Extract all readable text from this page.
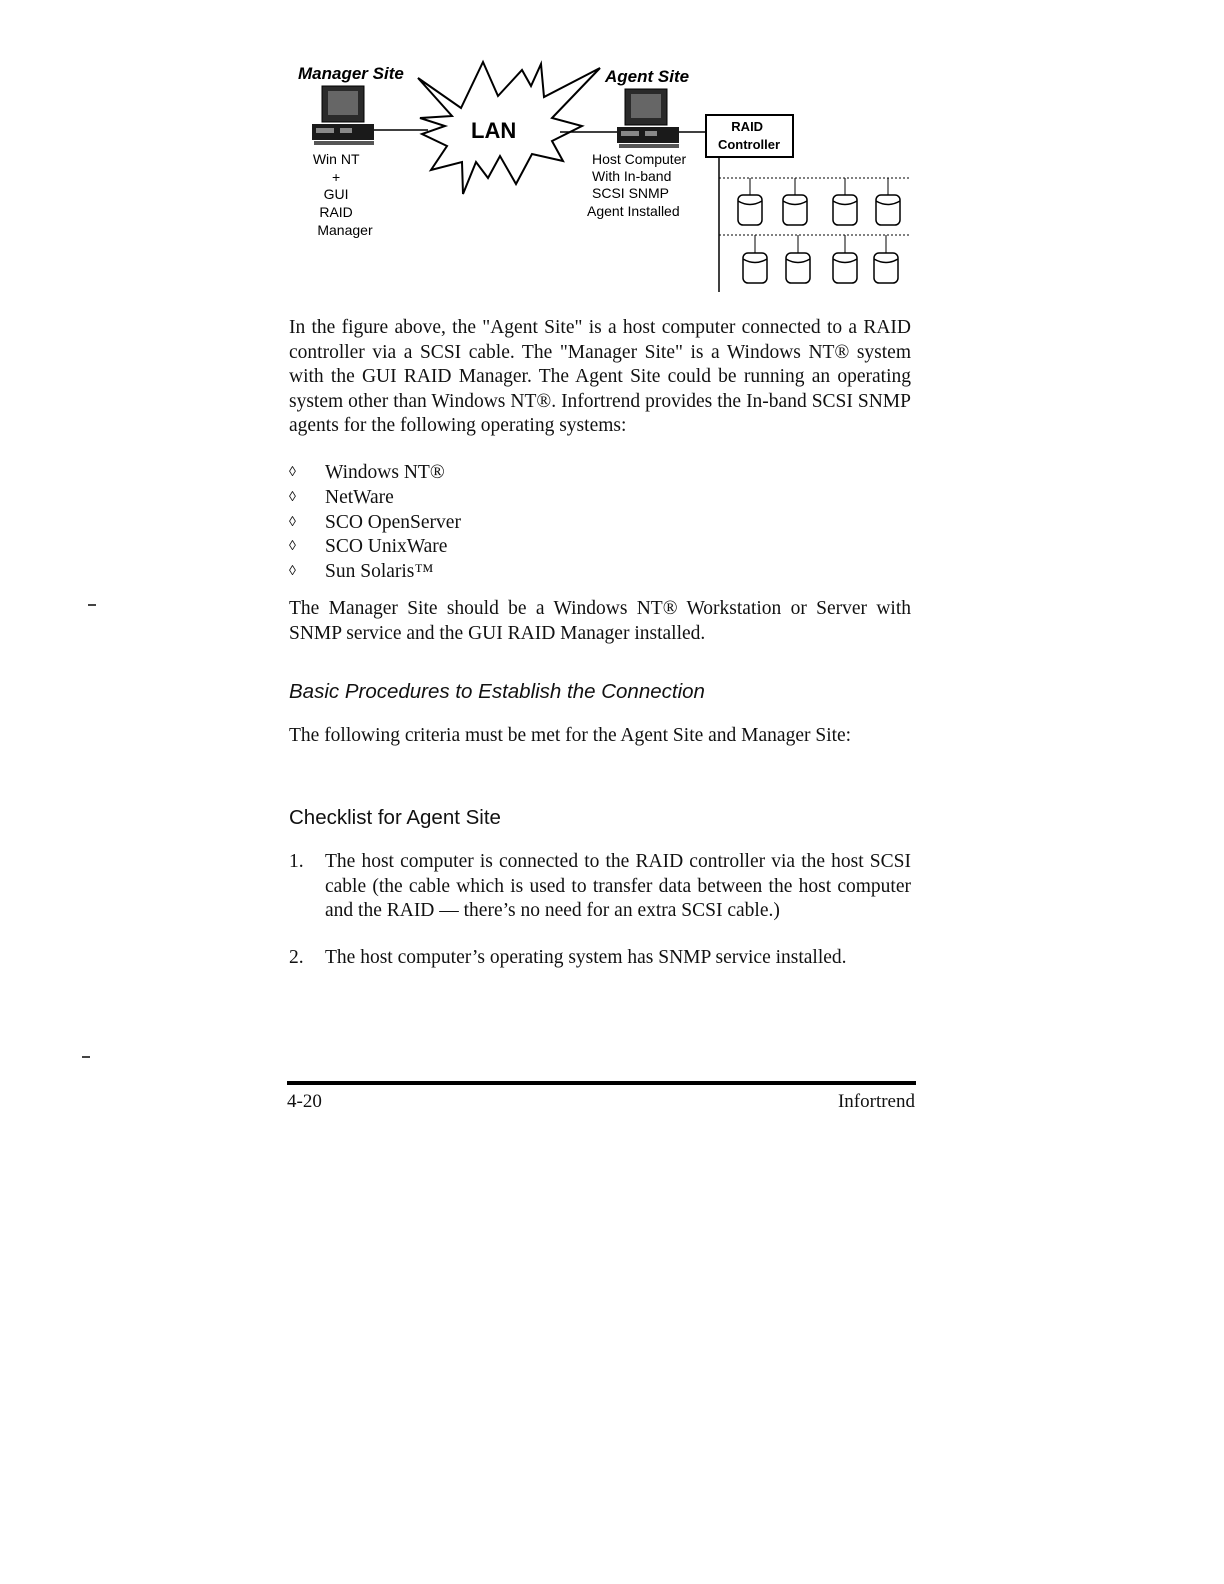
Manager Site	Agent Site
LAN
Win NT + GUI RAID Manager
Host Computer With In-band SCSI SNMP Agent Installed
RAID Controller

In the figure above, the "Agent Site" is a host computer connected to a RAID controller via a SCSI cable. The "Manager Site" is a Windows NT® system with the GUI RAID Manager. The Agent Site could be running an operating system other than Windows NT®. Infortrend provides the In-band SCSI SNMP agents for the following operating systems:

◊	Windows NT®
◊	NetWare
◊	SCO OpenServer
◊	SCO UnixWare
◊	Sun Solaris™

The Manager Site should be a Windows NT® Workstation or Server with SNMP service and the GUI RAID Manager installed.

Basic Procedures to Establish the Connection

The following criteria must be met for the Agent Site and Manager Site:

Checklist for Agent Site
1.	The host computer is connected to the RAID controller via the host SCSI cable (the cable which is used to transfer data between the host computer and the RAID — there’s no need for an extra SCSI cable.)
2.	The host computer’s operating system has SNMP service installed.
4-20	Infortrend
